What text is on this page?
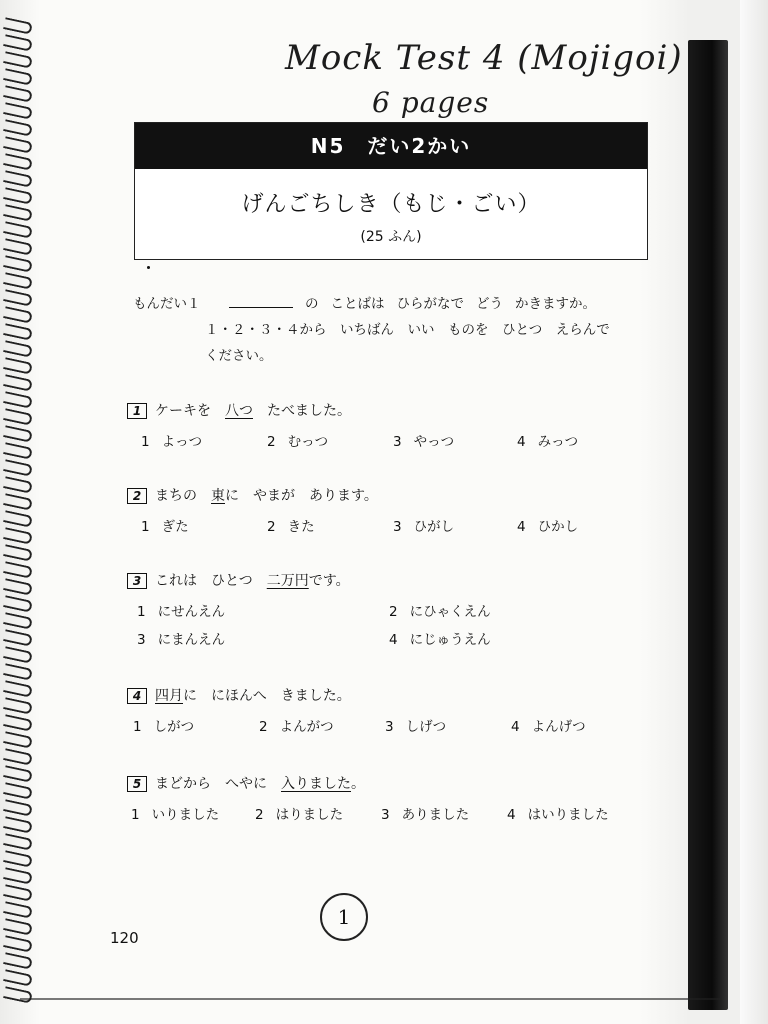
Mock Test 4 (Mojigoi)
6 pages
N5　だい2かい
げんごちしき（もじ・ごい）
(25 ふん)
もんだい１	の ことばは ひらがなで どう かきますか。
１・２・３・４から　いちばん　いい　ものを　ひとつ　えらんで
ください。
1 ケーキを 八つ たべました。
1 よっつ	2 むっつ	3 やっつ	4 みっつ
2 まちの 東に　やまが　あります。
1 ぎた	2 きた	3 ひがし	4 ひかし
3 これは　ひとつ 二万円です。
1 にせんえん	2 にひゃくえん
3 にまんえん	4 にじゅうえん
4 四月に　にほんへ　きました。
1 しがつ	2 よんがつ	3 しげつ	4 よんげつ
5 まどから　へやに 入りました。
1 いりました	2 はりました	3 ありました	4 はいりました
1
120
